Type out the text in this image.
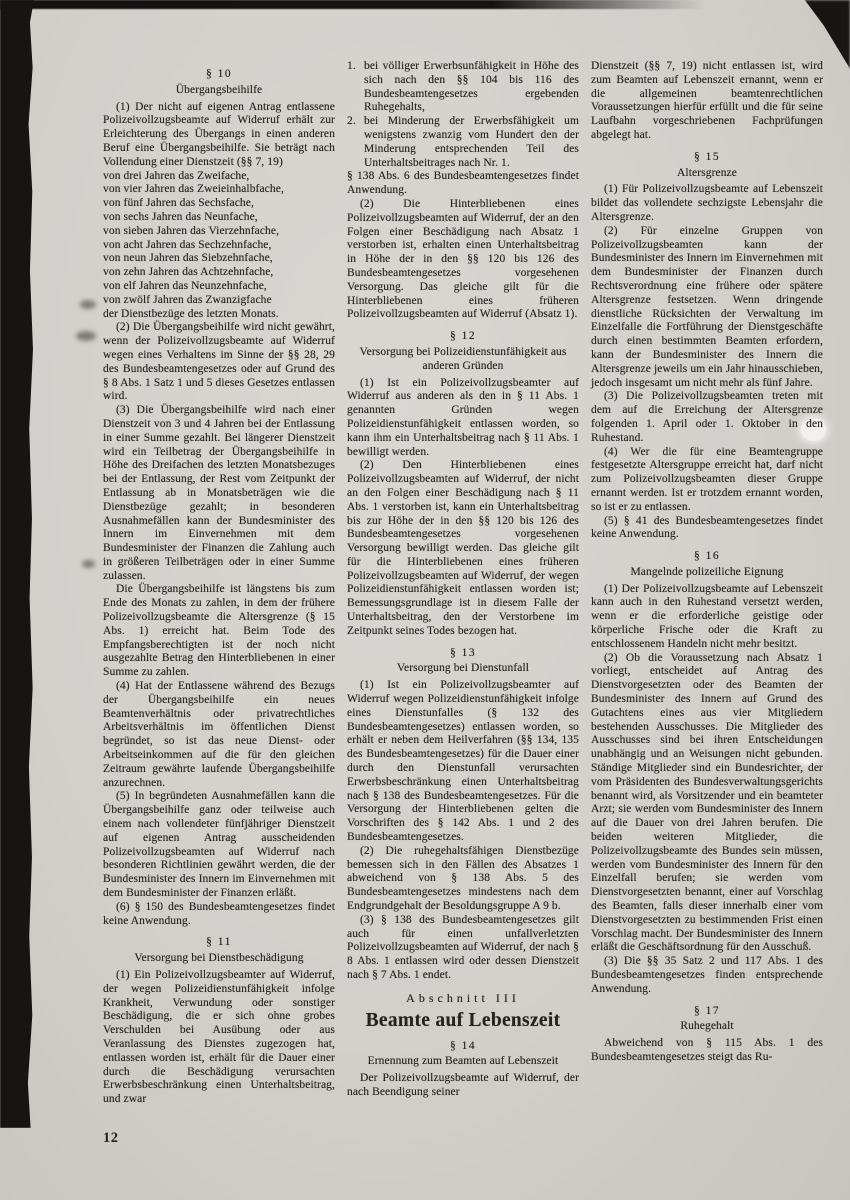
§ 10
Übergangsbeihilfe

(1) Der nicht auf eigenen Antrag entlassene Polizeivollzugsbeamte auf Widerruf erhält zur Erleichterung des Übergangs in einen anderen Beruf eine Übergangsbeihilfe. Sie beträgt nach Vollendung einer Dienstzeit (§§ 7, 19)

von drei Jahren das Zweifache,
von vier Jahren das Zweieinhalbfache,
von fünf Jahren das Sechsfache,
von sechs Jahren das Neunfache,
von sieben Jahren das Vierzehnfache,
von acht Jahren das Sechzehnfache,
von neun Jahren das Siebzehnfache,
von zehn Jahren das Achtzehnfache,
von elf Jahren das Neunzehnfache,
von zwölf Jahren das Zwanzigfache
der Dienstbezüge des letzten Monats.

(2) Die Übergangsbeihilfe wird nicht gewährt, wenn der Polizeivollzugsbeamte auf Widerruf wegen eines Verhaltens im Sinne der §§ 28, 29 des Bundesbeamtengesetzes oder auf Grund des § 8 Abs. 1 Satz 1 und 5 dieses Gesetzes entlassen wird.

(3) Die Übergangsbeihilfe wird nach einer Dienstzeit von 3 und 4 Jahren bei der Entlassung in einer Summe gezahlt. Bei längerer Dienstzeit wird ein Teilbetrag der Übergangsbeihilfe in Höhe des Dreifachen des letzten Monatsbezuges bei der Entlassung, der Rest vom Zeitpunkt der Entlassung ab in Monatsbeträgen wie die Dienstbezüge gezahlt; in besonderen Ausnahmefällen kann der Bundesminister des Innern im Einvernehmen mit dem Bundesminister der Finanzen die Zahlung auch in größeren Teilbeträgen oder in einer Summe zulassen.

Die Übergangsbeihilfe ist längstens bis zum Ende des Monats zu zahlen, in dem der frühere Polizeivollzugsbeamte die Altersgrenze (§ 15 Abs. 1) erreicht hat. Beim Tode des Empfangsberechtigten ist der noch nicht ausgezahlte Betrag den Hinterbliebenen in einer Summe zu zahlen.

(4) Hat der Entlassene während des Bezugs der Übergangsbeihilfe ein neues Beamtenverhältnis oder privatrechtliches Arbeitsverhältnis im öffentlichen Dienst begründet, so ist das neue Dienst- oder Arbeitseinkommen auf die für den gleichen Zeitraum gewährte laufende Übergangsbeihilfe anzurechnen.

(5) In begründeten Ausnahmefällen kann die Übergangsbeihilfe ganz oder teilweise auch einem nach vollendeter fünfjähriger Dienstzeit auf eigenen Antrag ausscheidenden Polizeivollzugsbeamten auf Widerruf nach besonderen Richtlinien gewährt werden, die der Bundesminister des Innern im Einvernehmen mit dem Bundesminister der Finanzen erläßt.

(6) § 150 des Bundesbeamtengesetzes findet keine Anwendung.

§ 11
Versorgung bei Dienstbeschädigung

(1) Ein Polizeivollzugsbeamter auf Widerruf, der wegen Polizeidienstunfähigkeit infolge Krankheit, Verwundung oder sonstiger Beschädigung, die er sich ohne grobes Verschulden bei Ausübung oder aus Veranlassung des Dienstes zugezogen hat, entlassen worden ist, erhält für die Dauer einer durch die Beschädigung verursachten Erwerbsbeschränkung einen Unterhaltsbeitrag, und zwar

1. bei völliger Erwerbsunfähigkeit in Höhe des sich nach den §§ 104 bis 116 des Bundesbeamtengesetzes ergebenden Ruhegehalts,
2. bei Minderung der Erwerbsfähigkeit um wenigstens zwanzig vom Hundert den der Minderung entsprechenden Teil des Unterhaltsbeitrages nach Nr. 1.

§ 138 Abs. 6 des Bundesbeamtengesetzes findet Anwendung.

(2) Die Hinterbliebenen eines Polizeivollzugsbeamten auf Widerruf, der an den Folgen einer Beschädigung nach Absatz 1 verstorben ist, erhalten einen Unterhaltsbeitrag in Höhe der in den §§ 120 bis 126 des Bundesbeamtengesetzes vorgesehenen Versorgung. Das gleiche gilt für die Hinterbliebenen eines früheren Polizeivollzugsbeamten auf Widerruf (Absatz 1).

§ 12
Versorgung bei Polizeidienstunfähigkeit aus anderen Gründen

(1) Ist ein Polizeivollzugsbeamter auf Widerruf aus anderen als den in § 11 Abs. 1 genannten Gründen wegen Polizeidienstunfähigkeit entlassen worden, so kann ihm ein Unterhaltsbeitrag nach § 11 Abs. 1 bewilligt werden.

(2) Den Hinterbliebenen eines Polizeivollzugsbeamten auf Widerruf, der nicht an den Folgen einer Beschädigung nach § 11 Abs. 1 verstorben ist, kann ein Unterhaltsbeitrag bis zur Höhe der in den §§ 120 bis 126 des Bundesbeamtengesetzes vorgesehenen Versorgung bewilligt werden. Das gleiche gilt für die Hinterbliebenen eines früheren Polizeivollzugsbeamten auf Widerruf, der wegen Polizeidienstunfähigkeit entlassen worden ist; Bemessungsgrundlage ist in diesem Falle der Unterhaltsbeitrag, den der Verstorbene im Zeitpunkt seines Todes bezogen hat.

§ 13
Versorgung bei Dienstunfall

(1) Ist ein Polizeivollzugsbeamter auf Widerruf wegen Polizeidienstunfähigkeit infolge eines Dienstunfalles (§ 132 des Bundesbeamtengesetzes) entlassen worden, so erhält er neben dem Heilverfahren (§§ 134, 135 des Bundesbeamtengesetzes) für die Dauer einer durch den Dienstunfall verursachten Erwerbsbeschränkung einen Unterhaltsbeitrag nach § 138 des Bundesbeamtengesetzes. Für die Versorgung der Hinterbliebenen gelten die Vorschriften des § 142 Abs. 1 und 2 des Bundesbeamtengesetzes.

(2) Die ruhegehaltsfähigen Dienstbezüge bemessen sich in den Fällen des Absatzes 1 abweichend von § 138 Abs. 5 des Bundesbeamtengesetzes mindestens nach dem Endgrundgehalt der Besoldungsgruppe A 9 b.

(3) § 138 des Bundesbeamtengesetzes gilt auch für einen unfallverletzten Polizeivollzugsbeamten auf Widerruf, der nach § 8 Abs. 1 entlassen wird oder dessen Dienstzeit nach § 7 Abs. 1 endet.

Abschnitt III
Beamte auf Lebenszeit
§ 14
Ernennung zum Beamten auf Lebenszeit

Der Polizeivollzugsbeamte auf Widerruf, der nach Beendigung seiner

Dienstzeit (§§ 7, 19) nicht entlassen ist, wird zum Beamten auf Lebenszeit ernannt, wenn er die allgemeinen beamtenrechtlichen Voraussetzungen hierfür erfüllt und die für seine Laufbahn vorgeschriebenen Fachprüfungen abgelegt hat.

§ 15
Altersgrenze

(1) Für Polizeivollzugsbeamte auf Lebenszeit bildet das vollendete sechzigste Lebensjahr die Altersgrenze.

(2) Für einzelne Gruppen von Polizeivollzugsbeamten kann der Bundesminister des Innern im Einvernehmen mit dem Bundesminister der Finanzen durch Rechtsverordnung eine frühere oder spätere Altersgrenze festsetzen. Wenn dringende dienstliche Rücksichten der Verwaltung im Einzelfalle die Fortführung der Dienstgeschäfte durch einen bestimmten Beamten erfordern, kann der Bundesminister des Innern die Altersgrenze jeweils um ein Jahr hinausschieben, jedoch insgesamt um nicht mehr als fünf Jahre.

(3) Die Polizeivollzugsbeamten treten mit dem auf die Erreichung der Altersgrenze folgenden 1. April oder 1. Oktober in den Ruhestand.

(4) Wer die für eine Beamtengruppe festgesetzte Altersgruppe erreicht hat, darf nicht zum Polizeivollzugsbeamten dieser Gruppe ernannt werden. Ist er trotzdem ernannt worden, so ist er zu entlassen.

(5) § 41 des Bundesbeamtengesetzes findet keine Anwendung.

§ 16
Mangelnde polizeiliche Eignung

(1) Der Polizeivollzugsbeamte auf Lebenszeit kann auch in den Ruhestand versetzt werden, wenn er die erforderliche geistige oder körperliche Frische oder die Kraft zu entschlossenem Handeln nicht mehr besitzt.

(2) Ob die Voraussetzung nach Absatz 1 vorliegt, entscheidet auf Antrag des Dienstvorgesetzten oder des Beamten der Bundesminister des Innern auf Grund des Gutachtens eines aus vier Mitgliedern bestehenden Ausschusses. Die Mitglieder des Ausschusses sind bei ihren Entscheidungen unabhängig und an Weisungen nicht gebunden. Ständige Mitglieder sind ein Bundesrichter, der vom Präsidenten des Bundesverwaltungsgerichts benannt wird, als Vorsitzender und ein beamteter Arzt; sie werden vom Bundesminister des Innern auf die Dauer von drei Jahren berufen. Die beiden weiteren Mitglieder, die Polizeivollzugsbeamte des Bundes sein müssen, werden vom Bundesminister des Innern für den Einzelfall berufen; sie werden vom Dienstvorgesetzten benannt, einer auf Vorschlag des Beamten, falls dieser innerhalb einer vom Dienstvorgesetzten zu bestimmenden Frist einen Vorschlag macht. Der Bundesminister des Innern erläßt die Geschäftsordnung für den Ausschuß.

(3) Die §§ 35 Satz 2 und 117 Abs. 1 des Bundesbeamtengesetzes finden entsprechende Anwendung.

§ 17
Ruhegehalt

Abweichend von § 115 Abs. 1 des Bundesbeamtengesetzes steigt das Ru-

12
